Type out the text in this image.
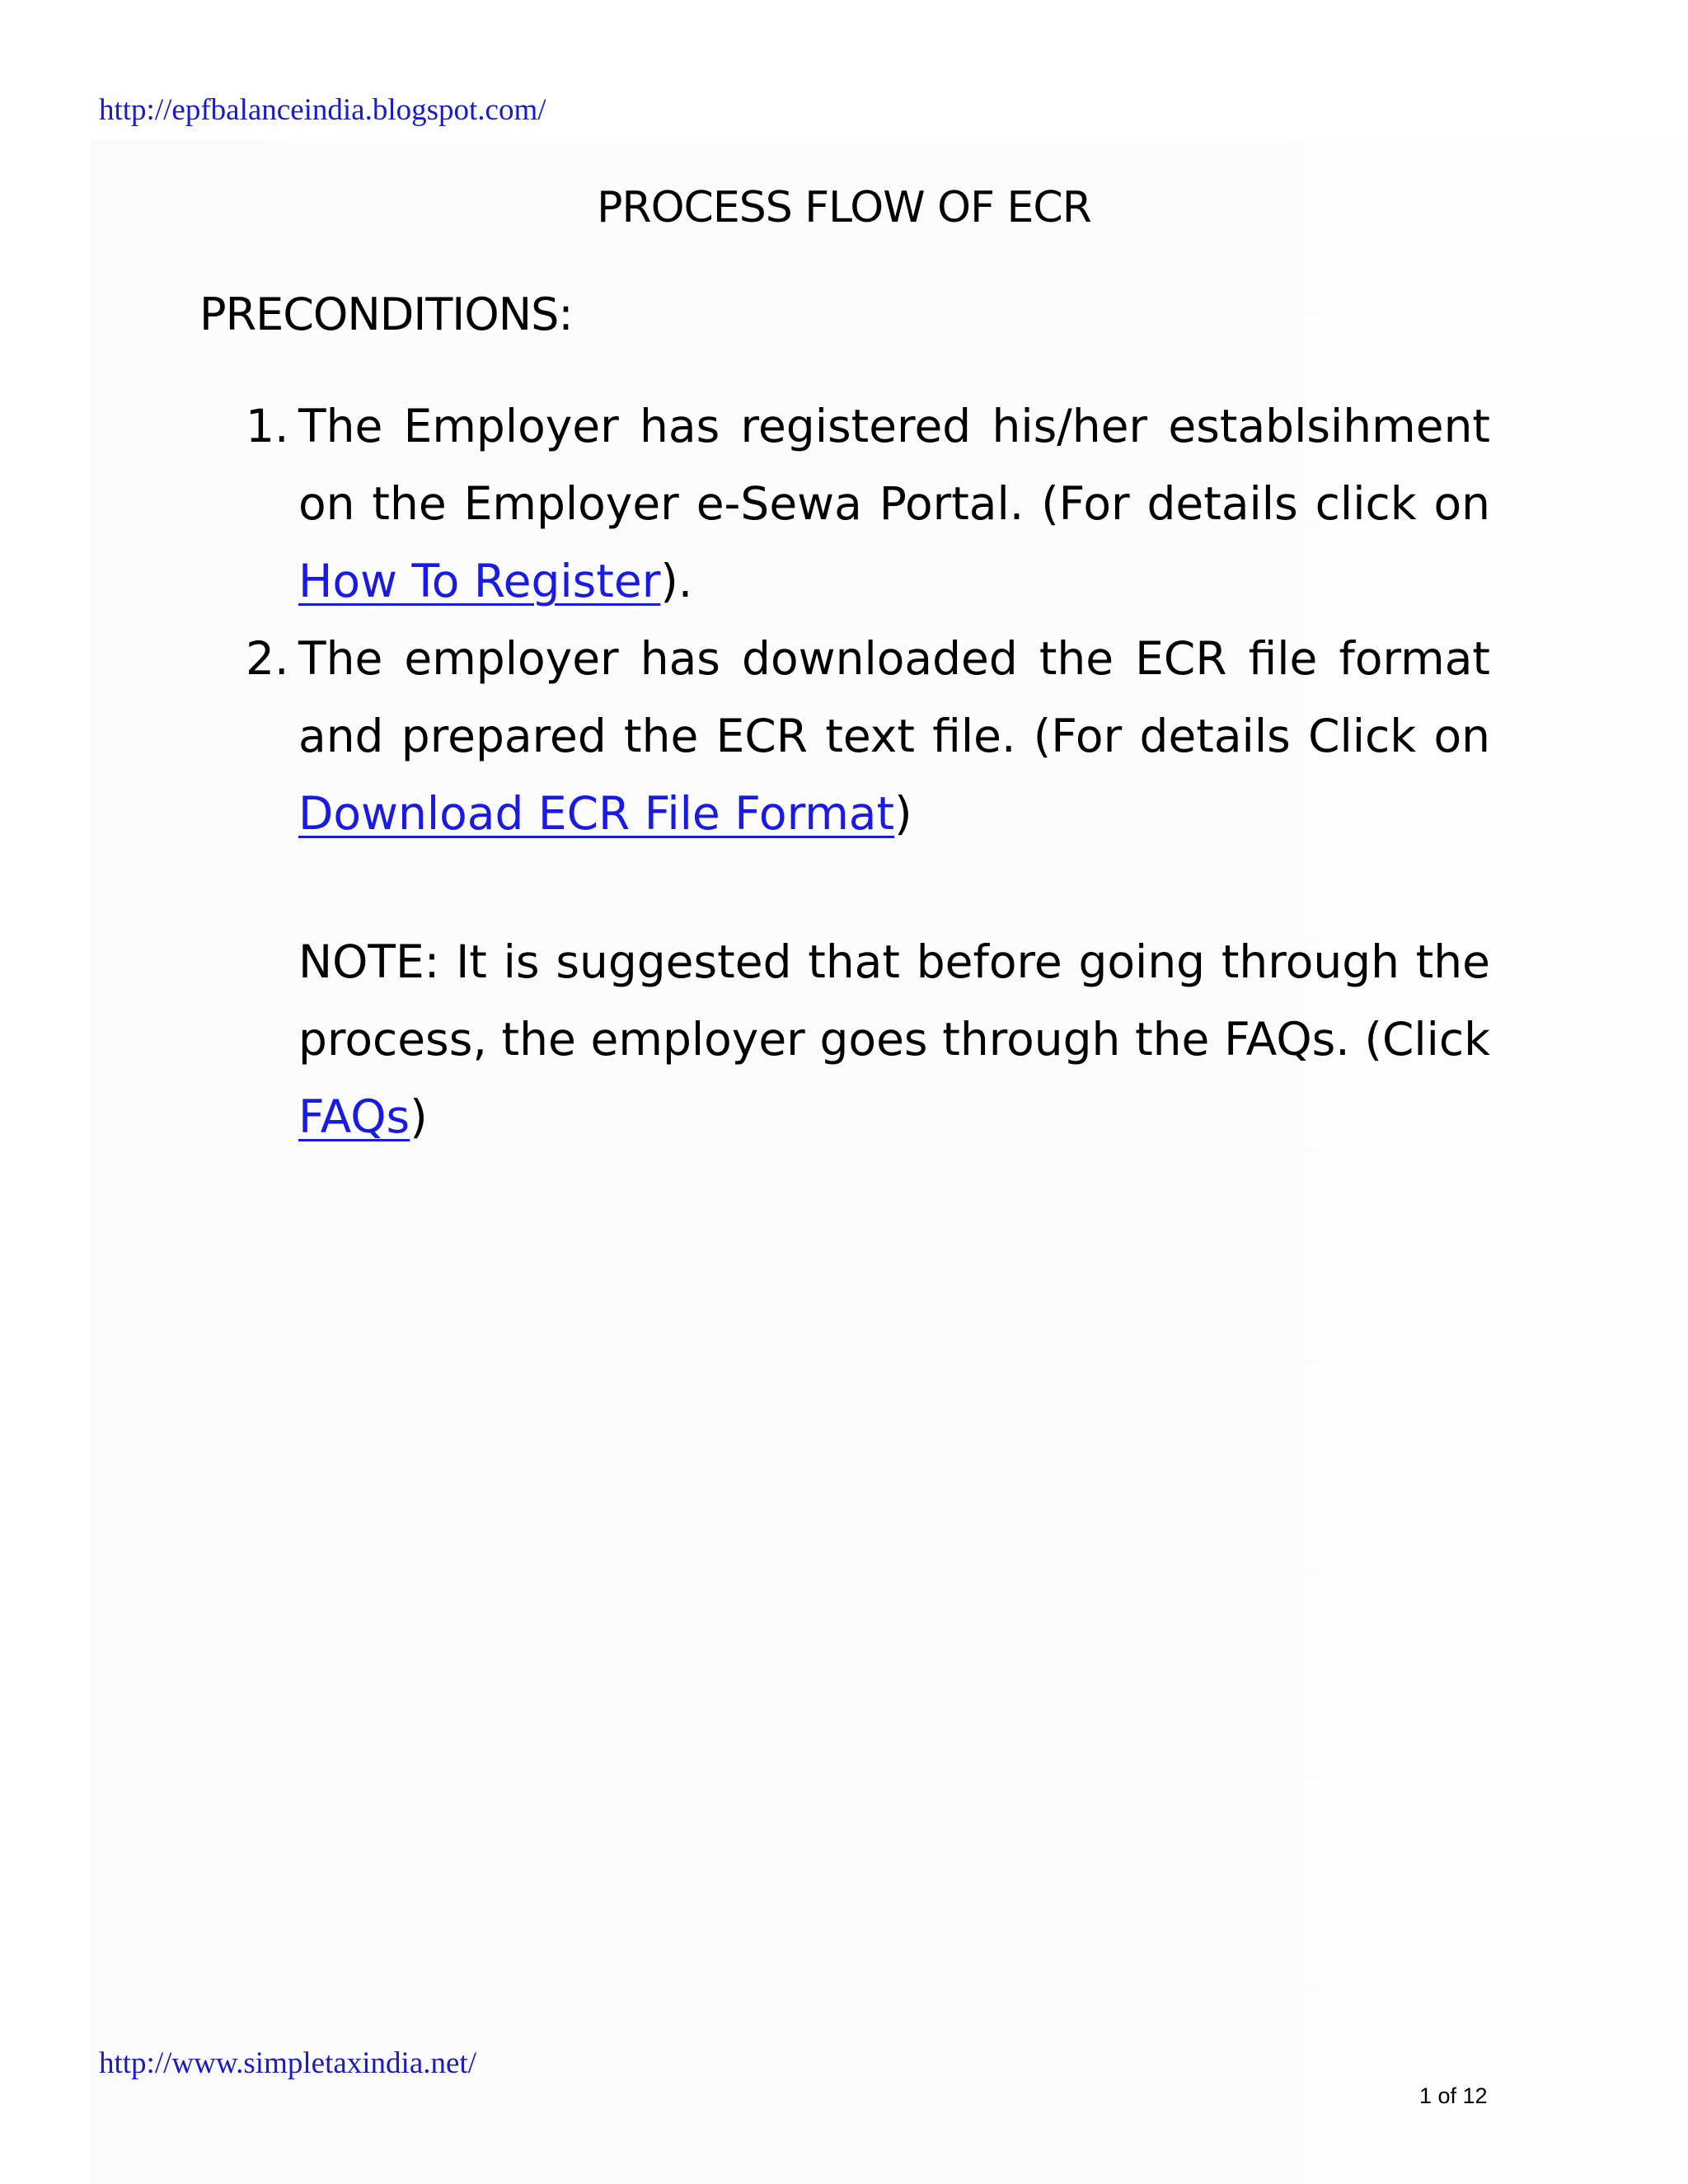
http://epfbalanceindia.blogspot.com/
PROCESS FLOW OF ECR
PRECONDITIONS:
1. The Employer has registered his/her establsihment on the Employer e-Sewa Portal. (For details click on How To Register).
2. The employer has downloaded the ECR file format and prepared the ECR text file. (For details Click on Download ECR File Format)

NOTE: It is suggested that before going through the process, the employer goes through the FAQs. (Click FAQs)

http://www.simpletaxindia.net/
1 of 12
